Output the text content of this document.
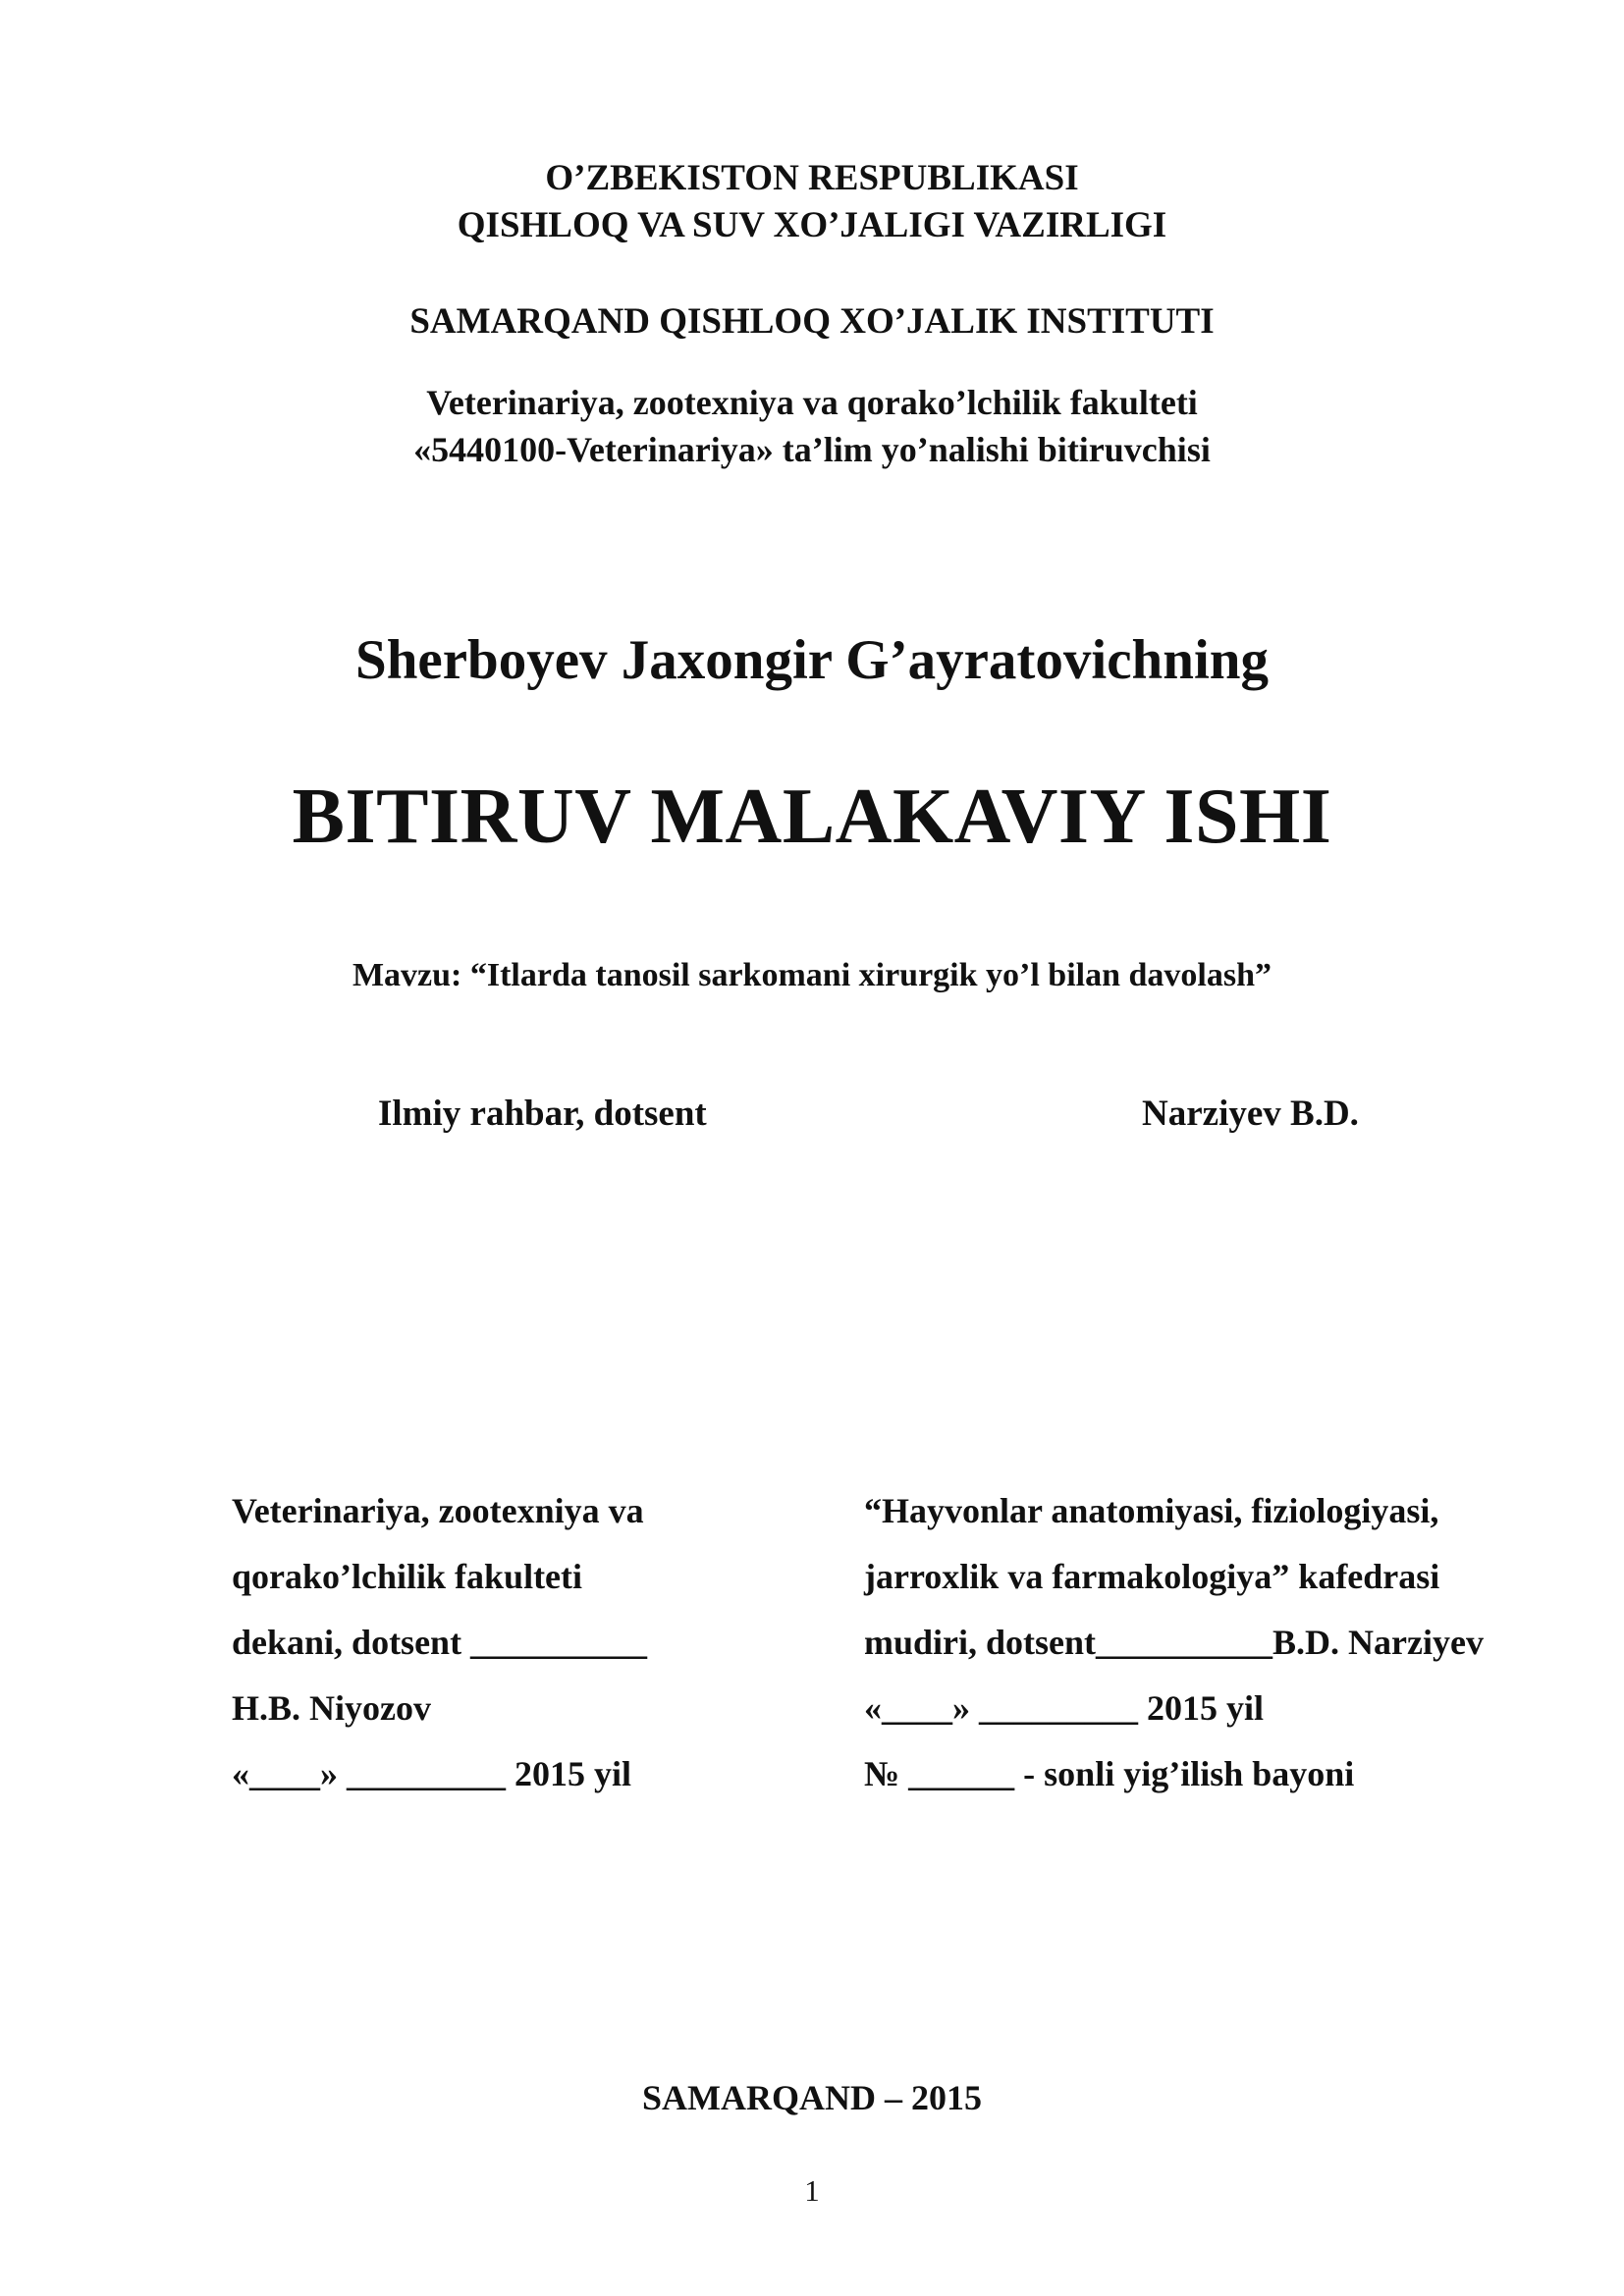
O’ZBEKISTON RESPUBLIKASI
QISHLOQ VA SUV XO’JALIGI VAZIRLIGI
SAMARQAND QISHLOQ XO’JALIK INSTITUTI
Veterinariya, zootexniya va qorako’lchilik fakulteti
«5440100-Veterinariya» ta’lim yo’nalishi bitiruvchisi
Sherboyev Jaxongir G’ayratovichning
BITIRUV MALAKAVIY ISHI
Mavzu: “Itlarda tanosil sarkomani xirurgik yo’l bilan davolash”
Ilmiy rahbar, dotsent	Narziyev B.D.
Veterinariya, zootexniya va
qorako’lchilik fakulteti
dekani, dotsent __________
H.B. Niyozov
«____» _________ 2015 yil
“Hayvonlar anatomiyasi, fiziologiyasi,
jarroxlik va farmakologiya” kafedrasi
mudiri, dotsent__________B.D. Narziyev
«____» _________ 2015 yil
№ ______ - sonli yig’ilish bayoni
SAMARQAND – 2015
1
